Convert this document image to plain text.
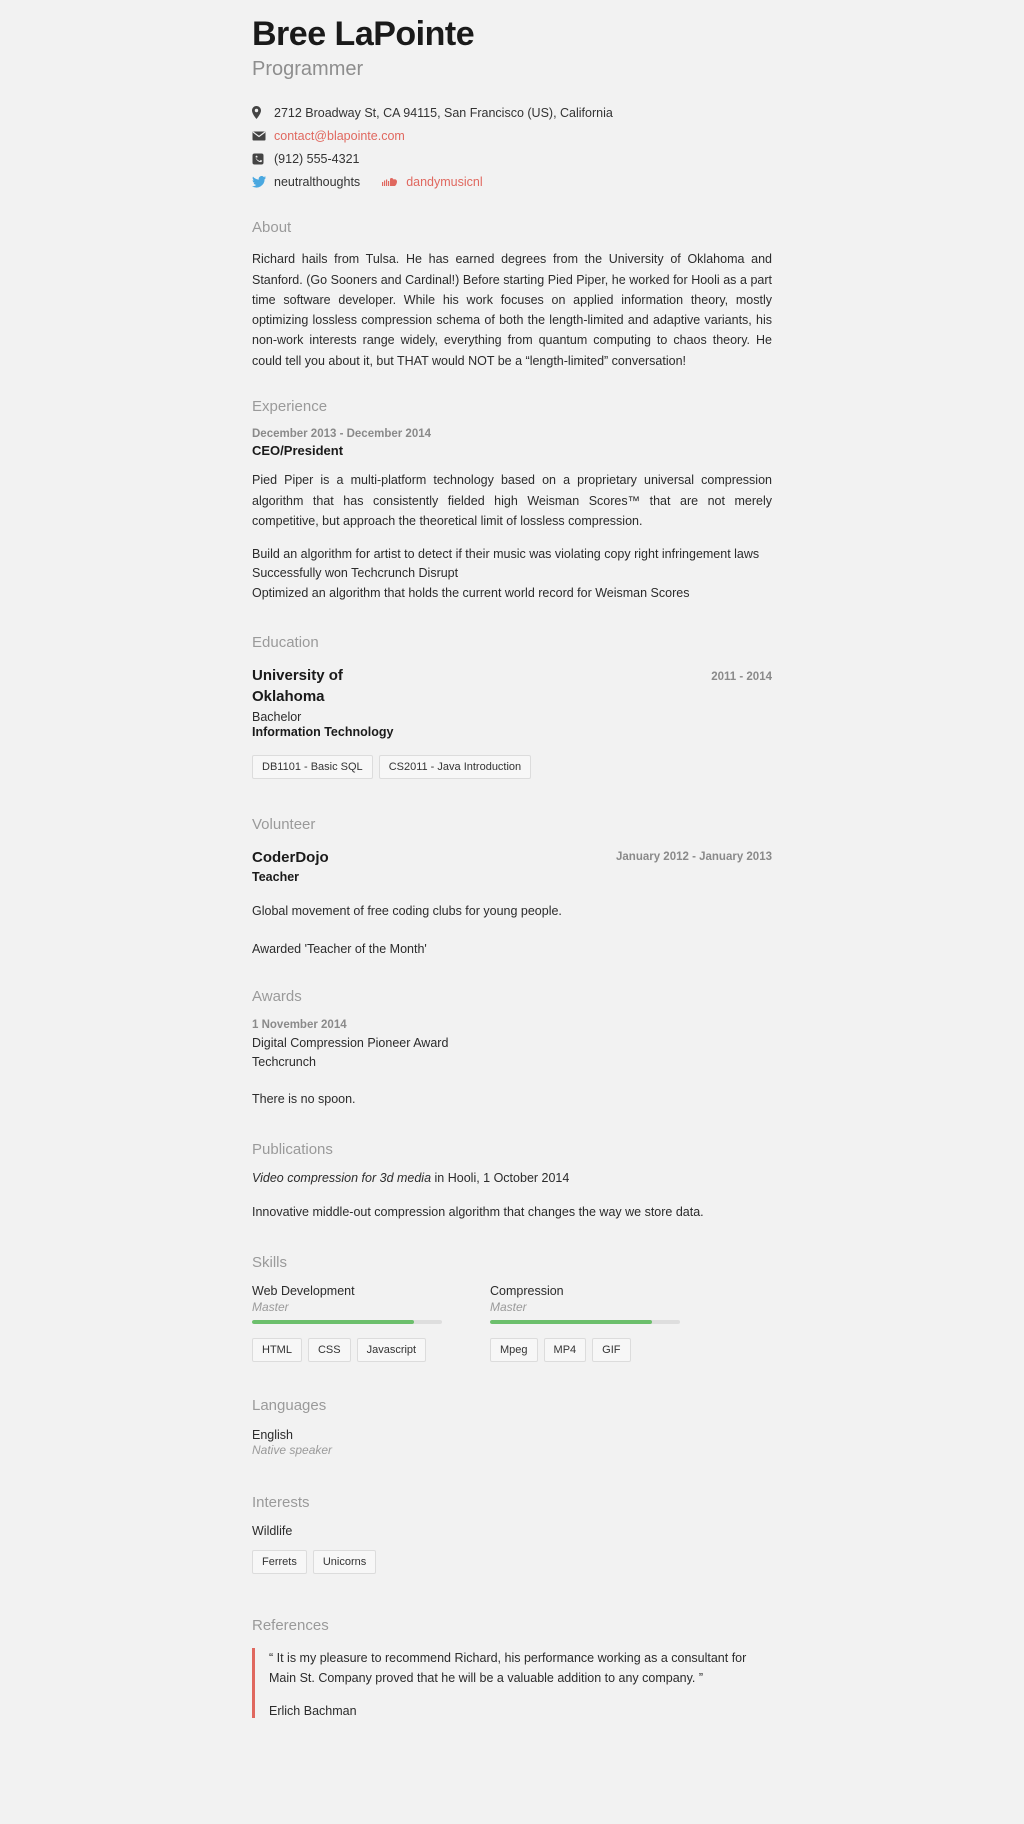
Bree LaPointe
Programmer
2712 Broadway St, CA 94115, San Francisco (US), California
contact@blapointe.com
(912) 555-4321
neutralthoughts	dandymusicnl
About

Richard hails from Tulsa. He has earned degrees from the University of Oklahoma and Stanford. (Go Sooners and Cardinal!) Before starting Pied Piper, he worked for Hooli as a part time software developer. While his work focuses on applied information theory, mostly optimizing lossless compression schema of both the length-limited and adaptive variants, his non-work interests range widely, everything from quantum computing to chaos theory. He could tell you about it, but THAT would NOT be a “length-limited” conversation!

Experience
December 2013 - December 2014
CEO/President

Pied Piper is a multi-platform technology based on a proprietary universal compression algorithm that has consistently fielded high Weisman Scores™ that are not merely competitive, but approach the theoretical limit of lossless compression.

Build an algorithm for artist to detect if their music was violating copy right infringement laws

Successfully won Techcrunch Disrupt

Optimized an algorithm that holds the current world record for Weisman Scores

Education
University of Oklahoma
2011 - 2014
Bachelor
Information Technology
DB1101 - Basic SQL	CS2011 - Java Introduction
Volunteer
CoderDojo	January 2012 - January 2013
Teacher

Global movement of free coding clubs for young people.

Awarded 'Teacher of the Month'

Awards
1 November 2014

Digital Compression Pioneer Award

Techcrunch

There is no spoon.

Publications
Video compression for 3d media in Hooli, 1 October 2014

Innovative middle-out compression algorithm that changes the way we store data.

Skills
Web Development
Master
HTML	CSS	Javascript
Compression
Master
Mpeg	MP4	GIF
Languages
English
Native speaker
Interests
Wildlife
Ferrets	Unicorns
References

“ It is my pleasure to recommend Richard, his performance working as a consultant for Main St. Company proved that he will be a valuable addition to any company. ”

Erlich Bachman
